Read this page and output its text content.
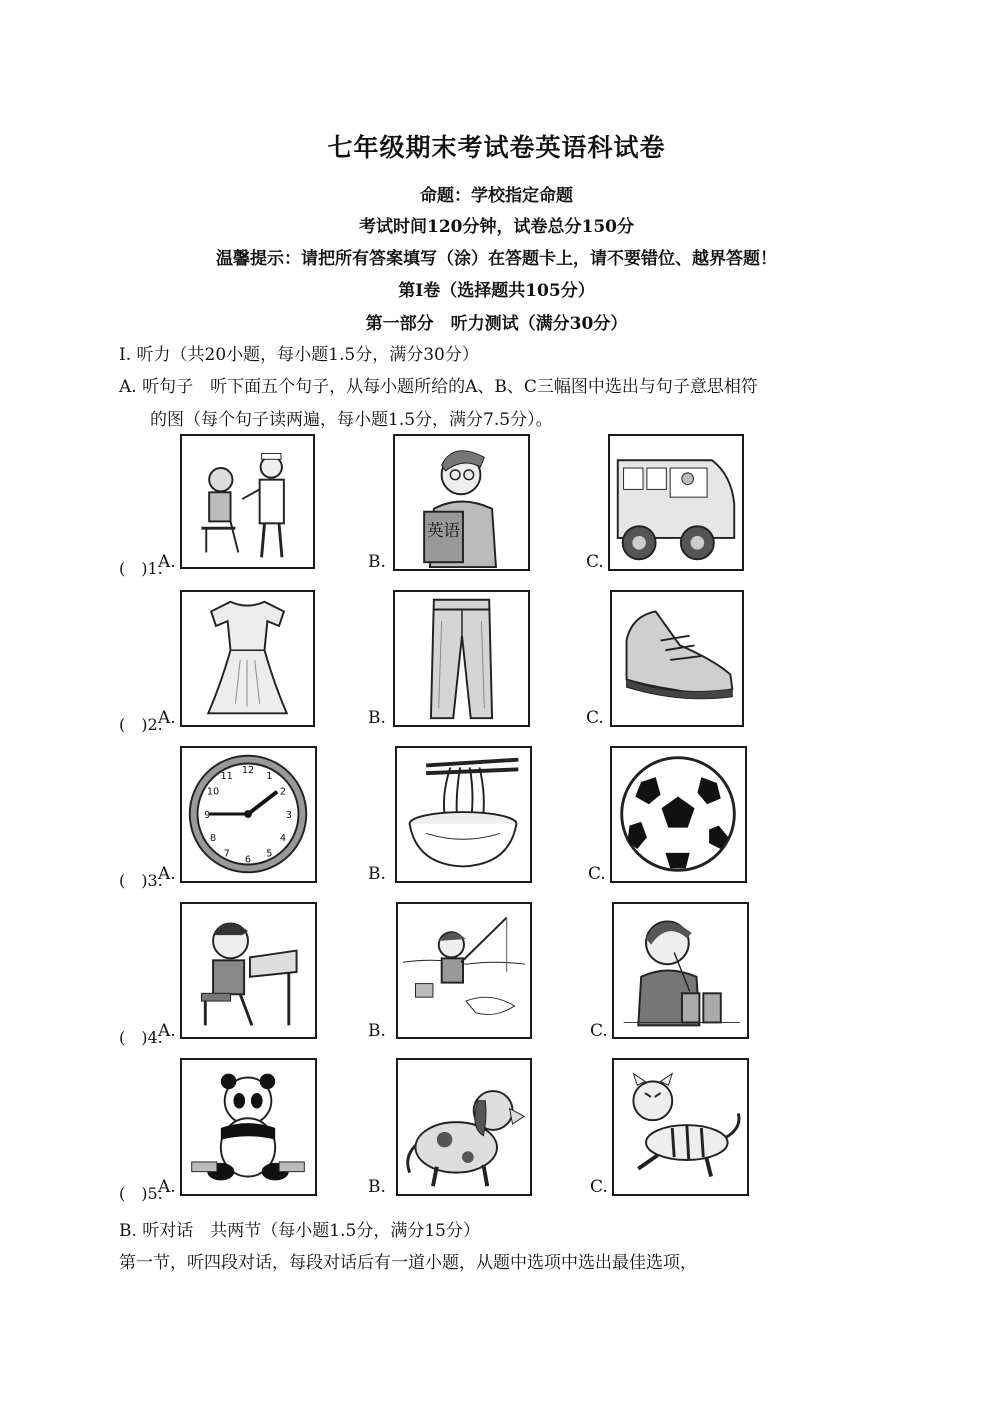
七年级期末考试卷英语科试卷
命题：学校指定命题
考试时间120分钟，试卷总分150分
温馨提示：请把所有答案填写（涂）在答题卡上，请不要错位、越界答题！
第Ⅰ卷（选择题共105分）
第一部分　听力测试（满分30分）
I. 听力（共20小题，每小题1.5分，满分30分）
A. 听句子　听下面五个句子，从每小题所给的A、B、C三幅图中选出与句子意思相符
的图（每个句子读两遍，每小题1.5分，满分7.5分）。
(　)1.
A.	B.
英语
C.
(　)2.
A.	B.	C.
(　)3.
A.
12
1
2
3
4
5
6
7
8
9
10
11
B.	C.
(　)4.
A.	B.	C.
(　)5.
A.	B.	C.
B. 听对话　共两节（每小题1.5分，满分15分）
第一节，听四段对话，每段对话后有一道小题，从题中选项中选出最佳选项，
